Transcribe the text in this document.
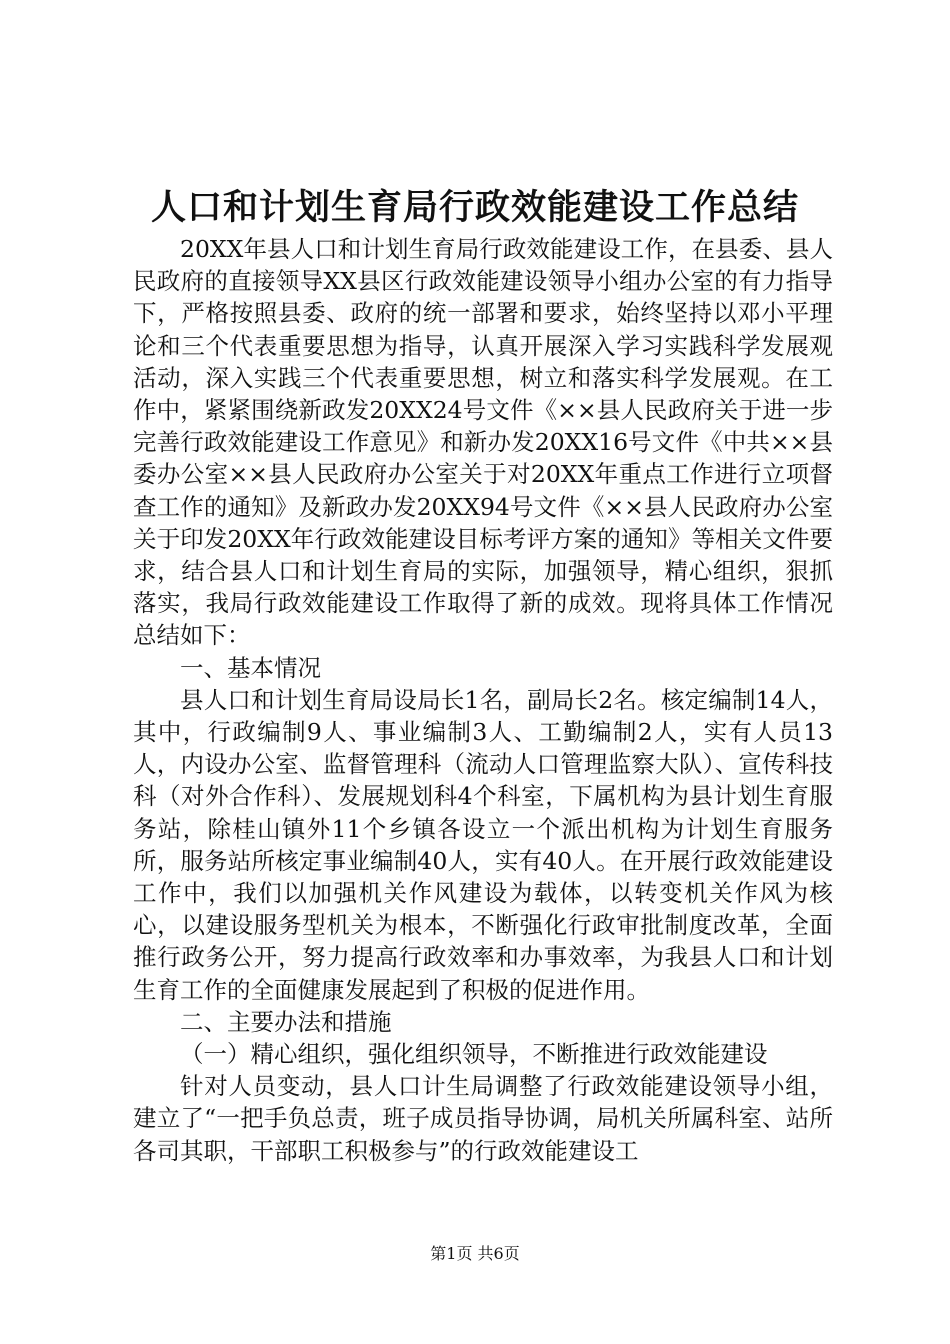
人口和计划生育局行政效能建设工作总结

20XX年县人口和计划生育局行政效能建设工作，在县委、县人民政府的直接领导XX县区行政效能建设领导小组办公室的有力指导下，严格按照县委、政府的统一部署和要求，始终坚持以邓小平理论和三个代表重要思想为指导，认真开展深入学习实践科学发展观活动，深入实践三个代表重要思想，树立和落实科学发展观。在工作中，紧紧围绕新政发20XX24号文件《××县人民政府关于进一步完善行政效能建设工作意见》和新办发20XX16号文件《中共××县委办公室××县人民政府办公室关于对20XX年重点工作进行立项督查工作的通知》及新政办发20XX94号文件《××县人民政府办公室关于印发20XX年行政效能建设目标考评方案的通知》等相关文件要求，结合县人口和计划生育局的实际，加强领导，精心组织，狠抓落实，我局行政效能建设工作取得了新的成效。现将具体工作情况总结如下：

一、基本情况

县人口和计划生育局设局长1名，副局长2名。核定编制14人，其中，行政编制9人、事业编制3人、工勤编制2人，实有人员13人，内设办公室、监督管理科（流动人口管理监察大队）、宣传科技科（对外合作科）、发展规划科4个科室，下属机构为县计划生育服务站，除桂山镇外11个乡镇各设立一个派出机构为计划生育服务所，服务站所核定事业编制40人，实有40人。在开展行政效能建设工作中，我们以加强机关作风建设为载体，以转变机关作风为核心，以建设服务型机关为根本，不断强化行政审批制度改革，全面推行政务公开，努力提高行政效率和办事效率，为我县人口和计划生育工作的全面健康发展起到了积极的促进作用。

二、主要办法和措施

（一）精心组织，强化组织领导，不断推进行政效能建设

针对人员变动，县人口计生局调整了行政效能建设领导小组，建立了“一把手负总责，班子成员指导协调，局机关所属科室、站所各司其职，干部职工积极参与”的行政效能建设工

第1页 共6页
